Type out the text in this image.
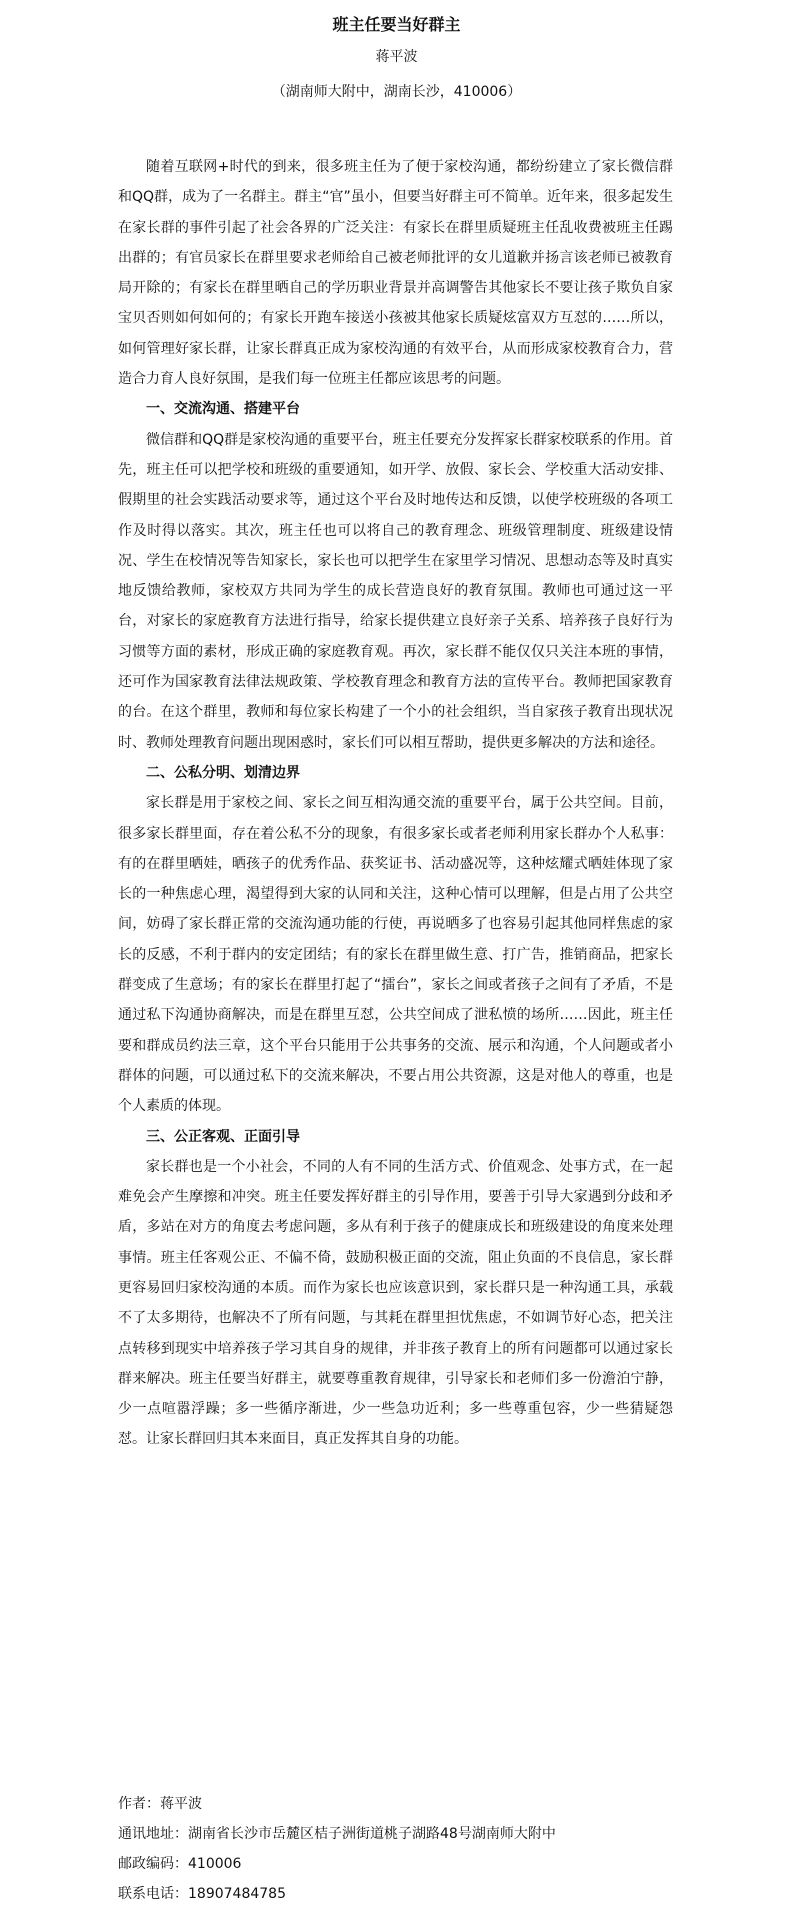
班主任要当好群主

蒋平波

（湖南师大附中，湖南长沙，410006）

随着互联网+时代的到来，很多班主任为了便于家校沟通，都纷纷建立了家长微信群和QQ群，成为了一名群主。群主“官”虽小，但要当好群主可不简单。近年来，很多起发生在家长群的事件引起了社会各界的广泛关注：有家长在群里质疑班主任乱收费被班主任踢出群的；有官员家长在群里要求老师给自己被老师批评的女儿道歉并扬言该老师已被教育局开除的；有家长在群里晒自己的学历职业背景并高调警告其他家长不要让孩子欺负自家宝贝否则如何如何的；有家长开跑车接送小孩被其他家长质疑炫富双方互怼的……所以，如何管理好家长群，让家长群真正成为家校沟通的有效平台，从而形成家校教育合力，营造合力育人良好氛围，是我们每一位班主任都应该思考的问题。

一、交流沟通、搭建平台

微信群和QQ群是家校沟通的重要平台，班主任要充分发挥家长群家校联系的作用。首先，班主任可以把学校和班级的重要通知，如开学、放假、家长会、学校重大活动安排、假期里的社会实践活动要求等，通过这个平台及时地传达和反馈，以使学校班级的各项工作及时得以落实。其次，班主任也可以将自己的教育理念、班级管理制度、班级建设情况、学生在校情况等告知家长，家长也可以把学生在家里学习情况、思想动态等及时真实地反馈给教师，家校双方共同为学生的成长营造良好的教育氛围。教师也可通过这一平台，对家长的家庭教育方法进行指导，给家长提供建立良好亲子关系、培养孩子良好行为习惯等方面的素材，形成正确的家庭教育观。再次，家长群不能仅仅只关注本班的事情，还可作为国家教育法律法规政策、学校教育理念和教育方法的宣传平台。教师把国家教育的台。在这个群里，教师和每位家长构建了一个小的社会组织，当自家孩子教育出现状况时、教师处理教育问题出现困惑时，家长们可以相互帮助，提供更多解决的方法和途径。

二、公私分明、划清边界

家长群是用于家校之间、家长之间互相沟通交流的重要平台，属于公共空间。目前，很多家长群里面，存在着公私不分的现象，有很多家长或者老师利用家长群办个人私事：有的在群里晒娃，晒孩子的优秀作品、获奖证书、活动盛况等，这种炫耀式晒娃体现了家长的一种焦虑心理，渴望得到大家的认同和关注，这种心情可以理解，但是占用了公共空间，妨碍了家长群正常的交流沟通功能的行使，再说晒多了也容易引起其他同样焦虑的家长的反感，不利于群内的安定团结；有的家长在群里做生意、打广告，推销商品，把家长群变成了生意场；有的家长在群里打起了“擂台”，家长之间或者孩子之间有了矛盾，不是通过私下沟通协商解决，而是在群里互怼，公共空间成了泄私愤的场所……因此，班主任要和群成员约法三章，这个平台只能用于公共事务的交流、展示和沟通，个人问题或者小群体的问题，可以通过私下的交流来解决，不要占用公共资源，这是对他人的尊重，也是个人素质的体现。

三、公正客观、正面引导

家长群也是一个小社会，不同的人有不同的生活方式、价值观念、处事方式，在一起难免会产生摩擦和冲突。班主任要发挥好群主的引导作用，要善于引导大家遇到分歧和矛盾，多站在对方的角度去考虑问题，多从有利于孩子的健康成长和班级建设的角度来处理事情。班主任客观公正、不偏不倚，鼓励积极正面的交流，阻止负面的不良信息，家长群更容易回归家校沟通的本质。而作为家长也应该意识到，家长群只是一种沟通工具，承载不了太多期待，也解决不了所有问题，与其耗在群里担忧焦虑，不如调节好心态，把关注点转移到现实中培养孩子学习其自身的规律，并非孩子教育上的所有问题都可以通过家长群来解决。班主任要当好群主，就要尊重教育规律，引导家长和老师们多一份澹泊宁静，少一点喧嚣浮躁；多一些循序渐进，少一些急功近利；多一些尊重包容，少一些猜疑怨怼。让家长群回归其本来面目，真正发挥其自身的功能。

作者：蒋平波

通讯地址：湖南省长沙市岳麓区桔子洲街道桃子湖路48号湖南师大附中

邮政编码：410006

联系电话：18907484785
